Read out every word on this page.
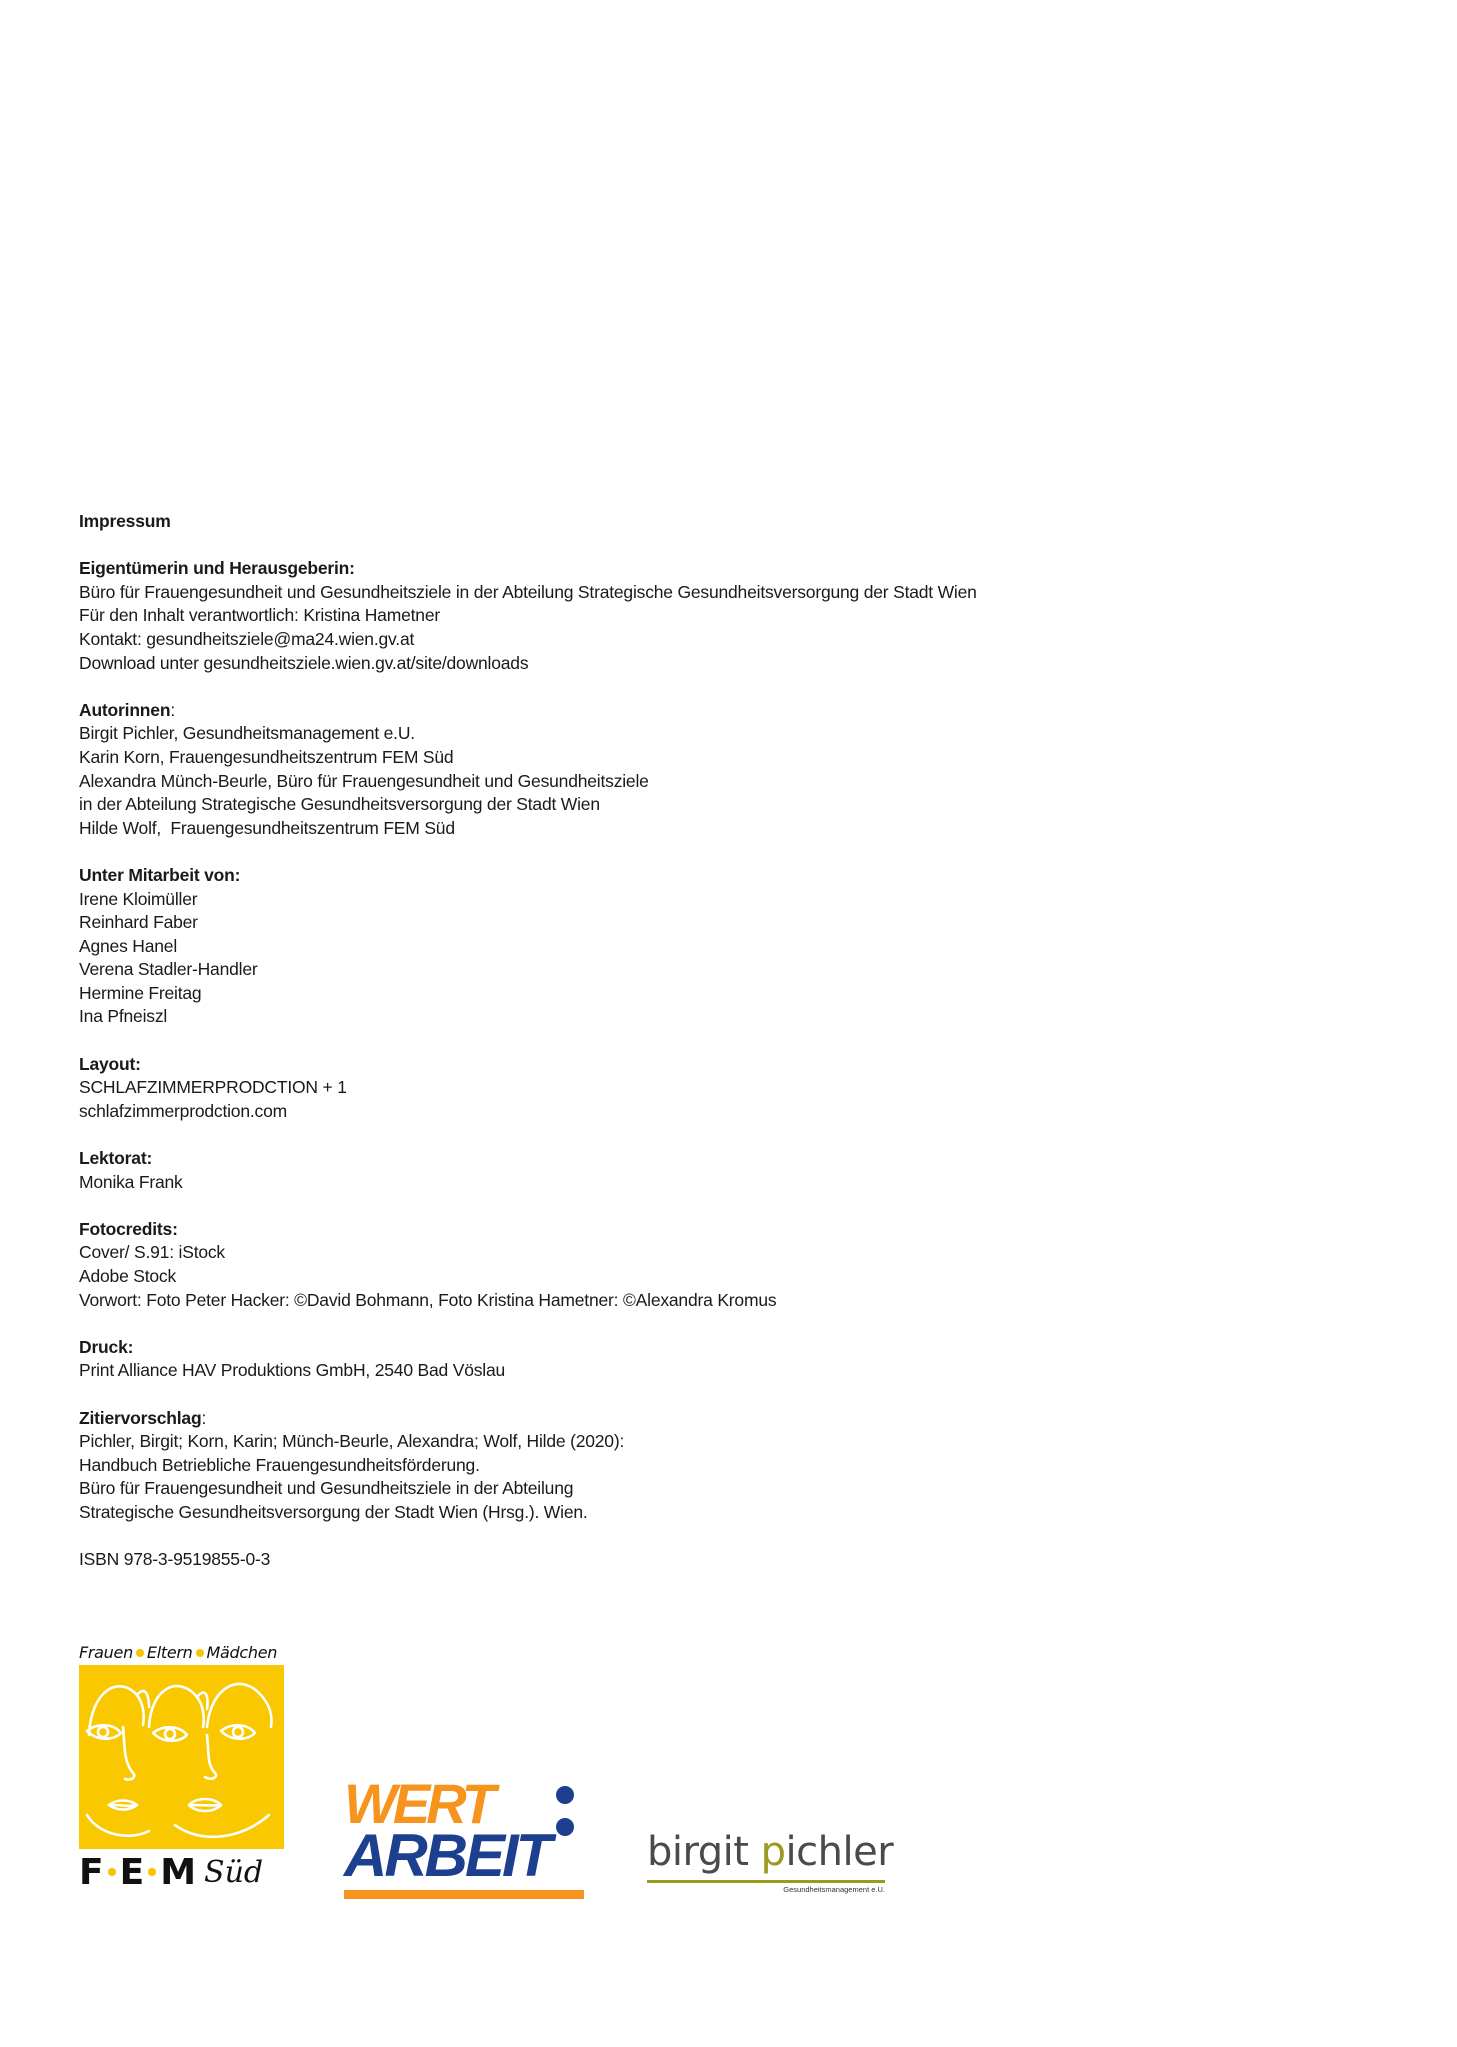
Impressum
Eigentümerin und Herausgeberin:
Büro für Frauengesundheit und Gesundheitsziele in der Abteilung Strategische Gesundheitsversorgung der Stadt Wien
Für den Inhalt verantwortlich: Kristina Hametner
Kontakt: gesundheitsziele@ma24.wien.gv.at
Download unter gesundheitsziele.wien.gv.at/site/downloads
Autorinnen:
Birgit Pichler, Gesundheitsmanagement e.U.
Karin Korn, Frauengesundheitszentrum FEM Süd
Alexandra Münch-Beurle, Büro für Frauengesundheit und Gesundheitsziele
in der Abteilung Strategische Gesundheitsversorgung der Stadt Wien
Hilde Wolf,  Frauengesundheitszentrum FEM Süd
Unter Mitarbeit von:
Irene Kloimüller
Reinhard Faber
Agnes Hanel
Verena Stadler-Handler
Hermine Freitag
Ina Pfneiszl
Layout:
SCHLAFZIMMERPRODCTION + 1
schlafzimmerprodction.com
Lektorat:
Monika Frank
Fotocredits:
Cover/ S.91: iStock
Adobe Stock
Vorwort: Foto Peter Hacker: ©David Bohmann, Foto Kristina Hametner: ©Alexandra Kromus
Druck:
Print Alliance HAV Produktions GmbH, 2540 Bad Vöslau
Zitiervorschlag:
Pichler, Birgit; Korn, Karin; Münch-Beurle, Alexandra; Wolf, Hilde (2020):
Handbuch Betriebliche Frauengesundheitsförderung.
Büro für Frauengesundheit und Gesundheitsziele in der Abteilung
Strategische Gesundheitsversorgung der Stadt Wien (Hrsg.). Wien.
ISBN 978-3-9519855-0-3
Frauen Eltern Mädchen
F E M Süd
WERT
ARBEIT birgit pichler
Gesundheitsmanagement e.U.
